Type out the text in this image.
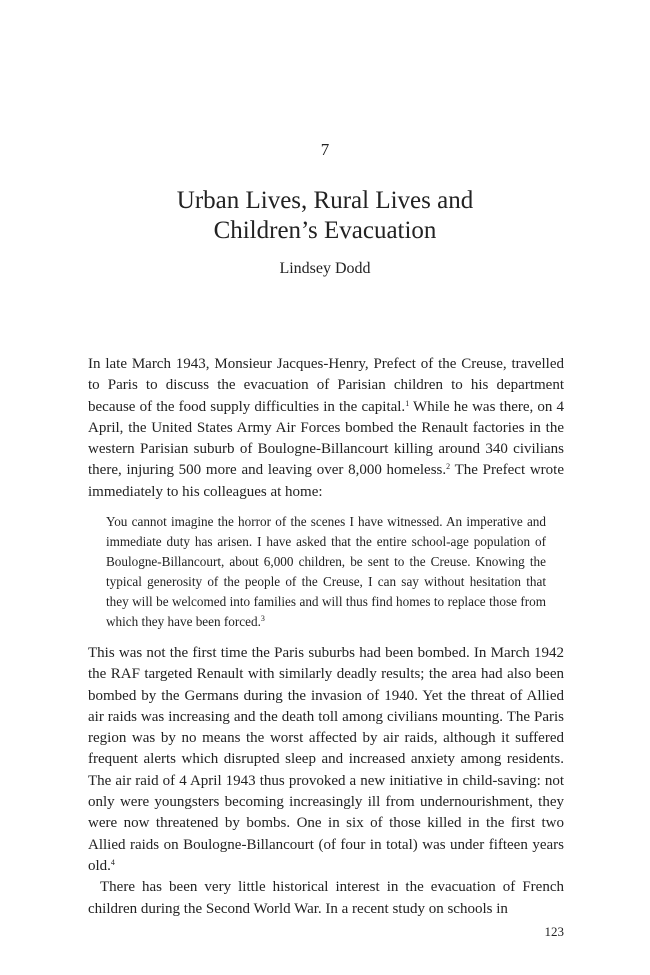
7
Urban Lives, Rural Lives and
Children’s Evacuation
Lindsey Dodd

In late March 1943, Monsieur Jacques-Henry, Prefect of the Creuse, travelled to Paris to discuss the evacuation of Parisian children to his department because of the food supply difficulties in the capital.$^1$ While he was there, on 4 April, the United States Army Air Forces bombed the Renault factories in the western Parisian suburb of Boulogne-Billancourt killing around 340 civilians there, injuring 500 more and leaving over 8,000 homeless.$^2$ The Prefect wrote immediately to his colleagues at home:

You cannot imagine the horror of the scenes I have witnessed. An imperative and immediate duty has arisen. I have asked that the entire school-age population of Boulogne-Billancourt, about 6,000 children, be sent to the Creuse. Knowing the typical generosity of the people of the Creuse, I can say without hesitation that they will be welcomed into families and will thus find homes to replace those from which they have been forced.$^3$

This was not the first time the Paris suburbs had been bombed. In March 1942 the RAF targeted Renault with similarly deadly results; the area had also been bombed by the Germans during the invasion of 1940. Yet the threat of Allied air raids was increasing and the death toll among civilians mounting. The Paris region was by no means the worst affected by air raids, although it suffered frequent alerts which disrupted sleep and increased anxiety among residents. The air raid of 4 April 1943 thus provoked a new initiative in child-saving: not only were youngsters becoming increasingly ill from undernourishment, they were now threatened by bombs. One in six of those killed in the first two Allied raids on Boulogne-Billancourt (of four in total) was under fifteen years old.$^4$

There has been very little historical interest in the evacuation of French children during the Second World War. In a recent study on schools in

123
